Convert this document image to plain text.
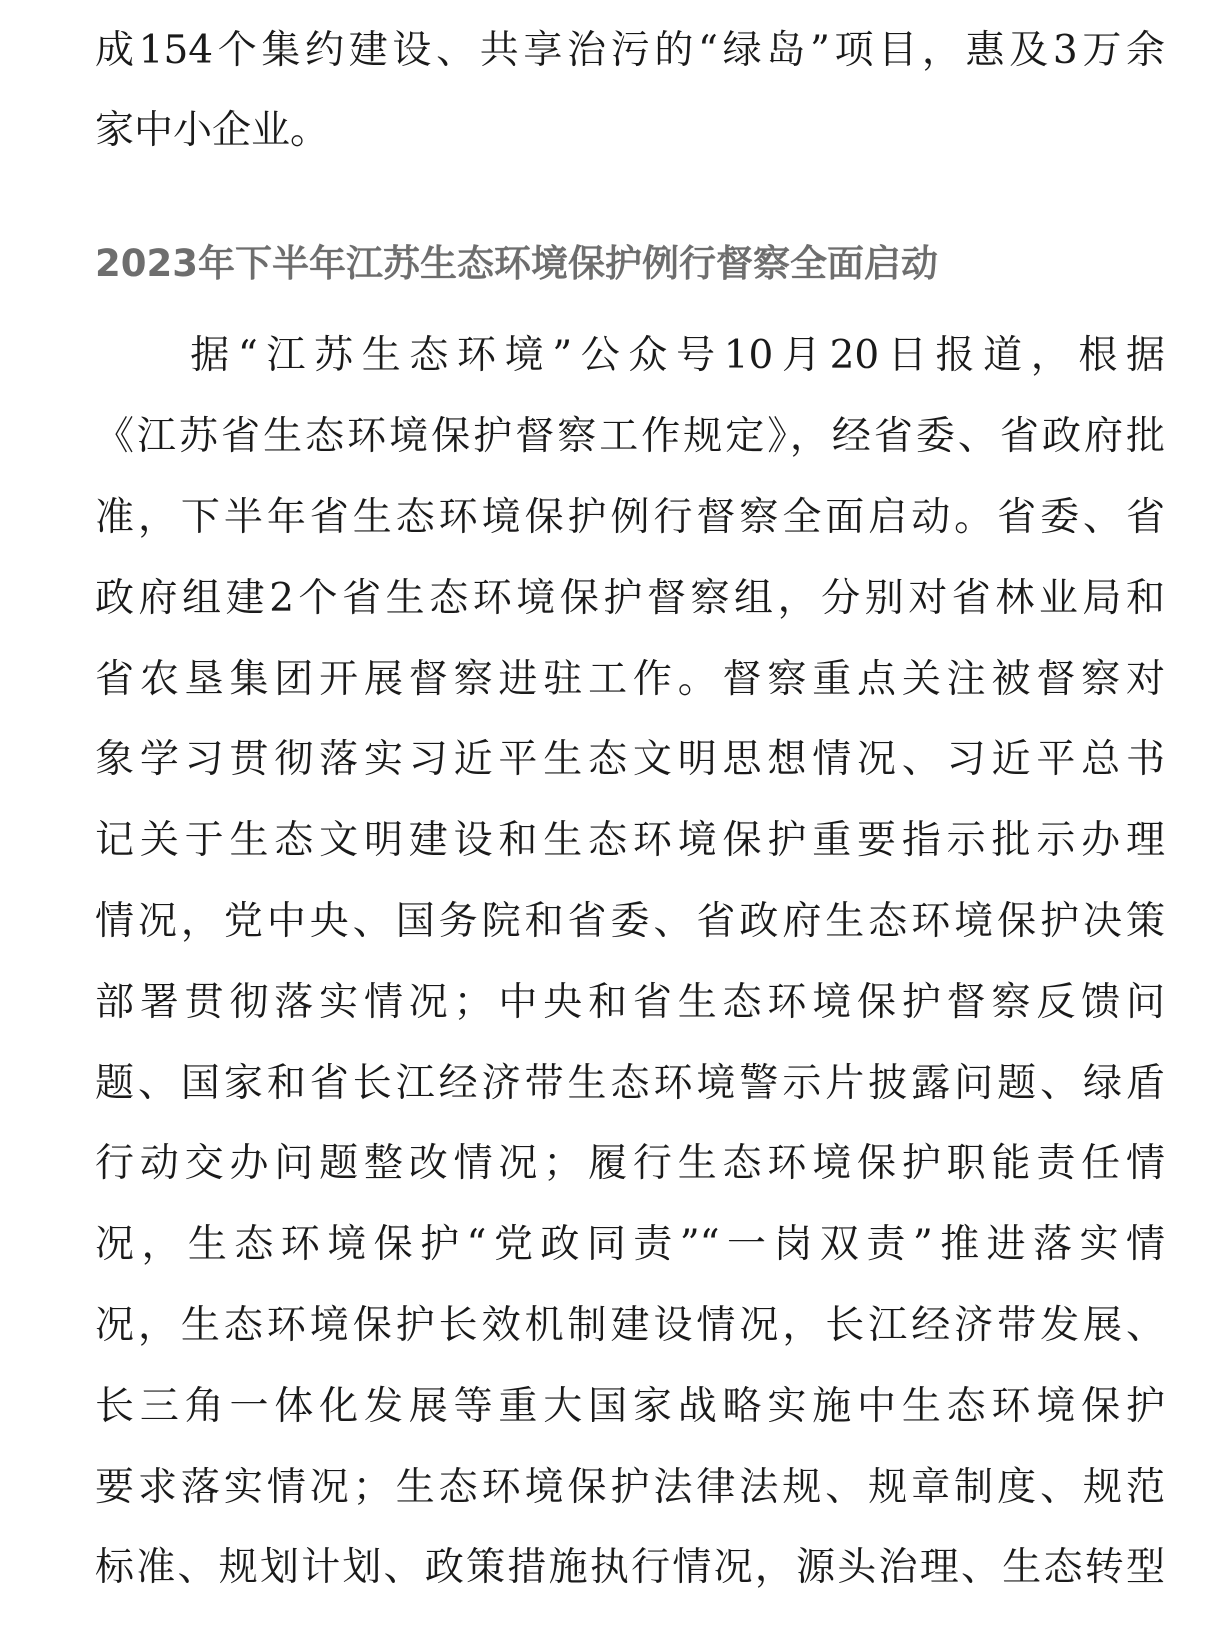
成154个集约建设、共享治污的“绿岛”项目，惠及3万余
家中小企业。
2023年下半年江苏生态环境保护例行督察全面启动
　　据“江苏生态环境”公众号10月20日报道，根据
《江苏省生态环境保护督察工作规定》，经省委、省政府批
准，下半年省生态环境保护例行督察全面启动。省委、省
政府组建2个省生态环境保护督察组，分别对省林业局和
省农垦集团开展督察进驻工作。督察重点关注被督察对
象学习贯彻落实习近平生态文明思想情况、习近平总书
记关于生态文明建设和生态环境保护重要指示批示办理
情况，党中央、国务院和省委、省政府生态环境保护决策
部署贯彻落实情况；中央和省生态环境保护督察反馈问
题、国家和省长江经济带生态环境警示片披露问题、绿盾
行动交办问题整改情况；履行生态环境保护职能责任情
况，生态环境保护“党政同责”“一岗双责”推进落实情
况，生态环境保护长效机制建设情况，长江经济带发展、
长三角一体化发展等重大国家战略实施中生态环境保护
要求落实情况；生态环境保护法律法规、规章制度、规范
标准、规划计划、政策措施执行情况，源头治理、生态转型
